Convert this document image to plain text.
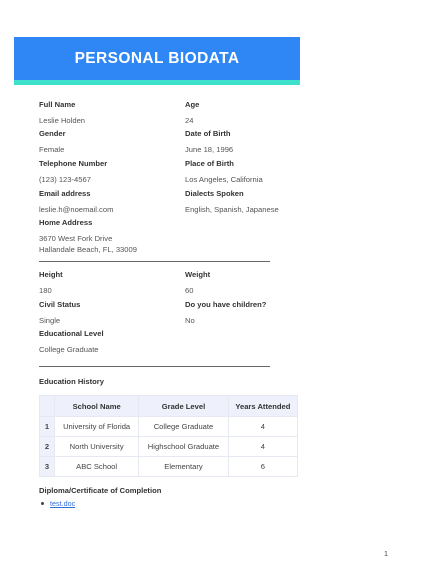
PERSONAL BIODATA
Full Name
Leslie Holden
Age
24
Gender
Female
Date of Birth
June 18, 1996
Telephone Number
(123) 123-4567
Place of Birth
Los Angeles, California
Email address
leslie.h@noemail.com
Dialects Spoken
English, Spanish, Japanese
Home Address
3670 West Fork Drive
Hallandale Beach, FL, 33009
Height
180
Weight
60
Civil Status
Single
Do you have children?
No
Educational Level
College Graduate
Education History
	School Name	Grade Level	Years Attended
1	University of Florida	College Graduate	4
2	North University	Highschool Graduate	4
3	ABC School	Elementary	6
Diploma/Certificate of Completion
test.doc
1
